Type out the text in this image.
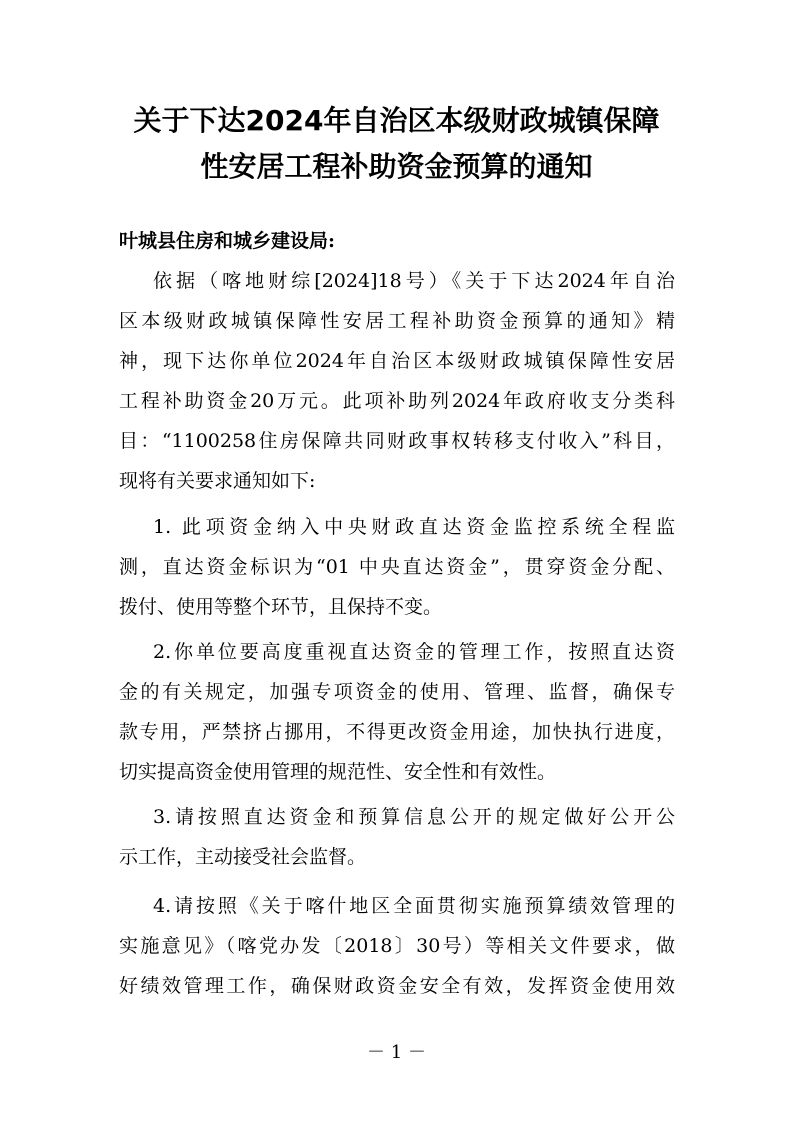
关于下达2024年自治区本级财政城镇保障
性安居工程补助资金预算的通知

叶城县住房和城乡建设局:

依据（喀地财综[2024]18号）《关于下达2024年自治
区本级财政城镇保障性安居工程补助资金预算的通知》精
神，现下达你单位2024年自治区本级财政城镇保障性安居
工程补助资金20万元。此项补助列2024年政府收支分类科
目：“1100258住房保障共同财政事权转移支付收入”科目，
现将有关要求通知如下:

1. 此项资金纳入中央财政直达资金监控系统全程监
测，直达资金标识为“01 中央直达资金”，贯穿资金分配、
拨付、使用等整个环节，且保持不变。

2.你单位要高度重视直达资金的管理工作，按照直达资
金的有关规定，加强专项资金的使用、管理、监督，确保专
款专用，严禁挤占挪用，不得更改资金用途，加快执行进度，
切实提高资金使用管理的规范性、安全性和有效性。

3.请按照直达资金和预算信息公开的规定做好公开公
示工作，主动接受社会监督。

4.请按照《关于喀什地区全面贯彻实施预算绩效管理的
实施意见》（喀党办发〔2018〕30号）等相关文件要求，做
好绩效管理工作，确保财政资金安全有效，发挥资金使用效

－ 1 －
